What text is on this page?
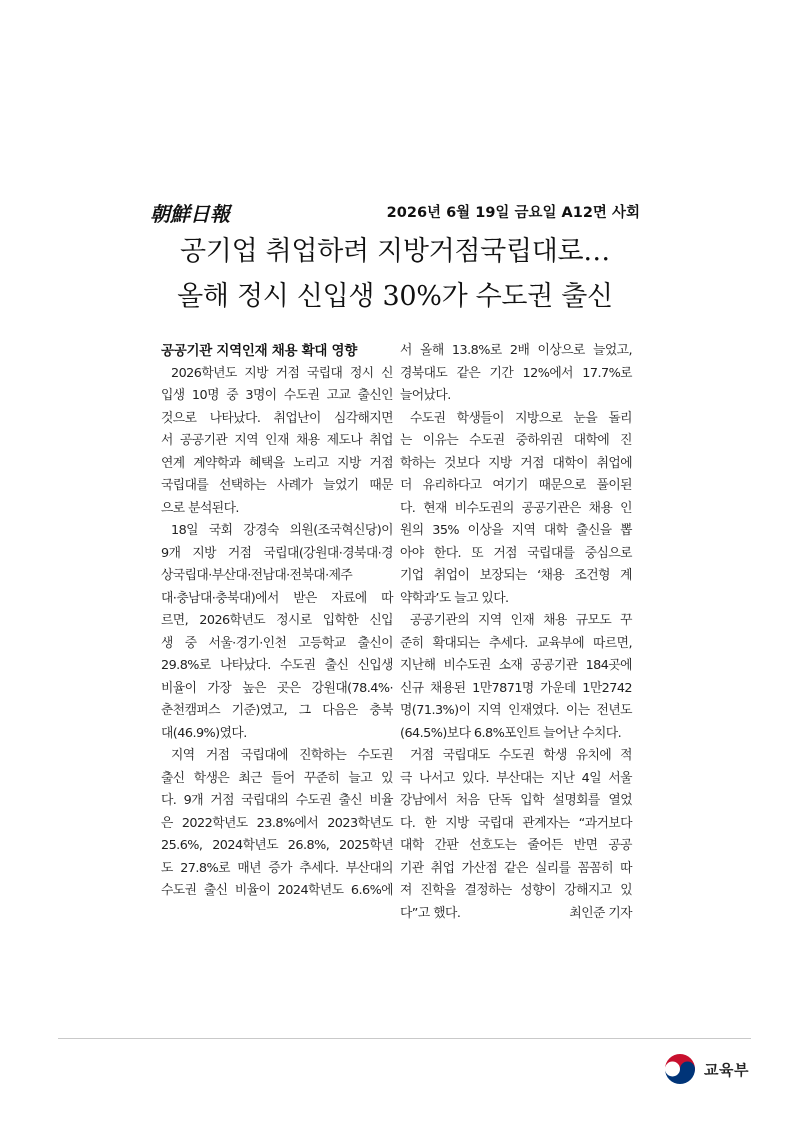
朝鮮日報	2026년 6월 19일 금요일 A12면 사회
공기업 취업하려 지방거점국립대로…
올해 정시 신입생 30%가 수도권 출신
공공기관 지역인재 채용 확대 영향
2026학년도 지방 거점 국립대 정시 신
입생 10명 중 3명이 수도권 고교 출신인
것으로 나타났다. 취업난이 심각해지면
서 공공기관 지역 인재 채용 제도나 취업
연계 계약학과 혜택을 노리고 지방 거점
국립대를 선택하는 사례가 늘었기 때문
으로 분석된다.
18일 국회 강경숙 의원(조국혁신당)이
9개 지방 거점 국립대(강원대·경북대·경
상국립대·부산대·전남대·전북대·제주
대·충남대·충북대)에서 받은 자료에 따
르면, 2026학년도 정시로 입학한 신입
생 중 서울·경기·인천 고등학교 출신이
29.8%로 나타났다. 수도권 출신 신입생
비율이 가장 높은 곳은 강원대(78.4%·
춘천캠퍼스 기준)였고, 그 다음은 충북
대(46.9%)였다.
지역 거점 국립대에 진학하는 수도권
출신 학생은 최근 들어 꾸준히 늘고 있
다. 9개 거점 국립대의 수도권 출신 비율
은 2022학년도 23.8%에서 2023학년도
25.6%, 2024학년도 26.8%, 2025학년
도 27.8%로 매년 증가 추세다. 부산대의
수도권 출신 비율이 2024학년도 6.6%에
서 올해 13.8%로 2배 이상으로 늘었고,
경북대도 같은 기간 12%에서 17.7%로
늘어났다.
수도권 학생들이 지방으로 눈을 돌리
는 이유는 수도권 중하위권 대학에 진
학하는 것보다 지방 거점 대학이 취업에
더 유리하다고 여기기 때문으로 풀이된
다. 현재 비수도권의 공공기관은 채용 인
원의 35% 이상을 지역 대학 출신을 뽑
아야 한다. 또 거점 국립대를 중심으로
기업 취업이 보장되는 ‘채용 조건형 계
약학과’도 늘고 있다.
공공기관의 지역 인재 채용 규모도 꾸
준히 확대되는 추세다. 교육부에 따르면,
지난해 비수도권 소재 공공기관 184곳에
신규 채용된 1만7871명 가운데 1만2742
명(71.3%)이 지역 인재였다. 이는 전년도
(64.5%)보다 6.8%포인트 늘어난 수치다.
거점 국립대도 수도권 학생 유치에 적
극 나서고 있다. 부산대는 지난 4일 서울
강남에서 처음 단독 입학 설명회를 열었
다. 한 지방 국립대 관계자는 “과거보다
대학 간판 선호도는 줄어든 반면 공공
기관 취업 가산점 같은 실리를 꼼꼼히 따
져 진학을 결정하는 성향이 강해지고 있
다”고 했다.	최인준 기자
교육부
